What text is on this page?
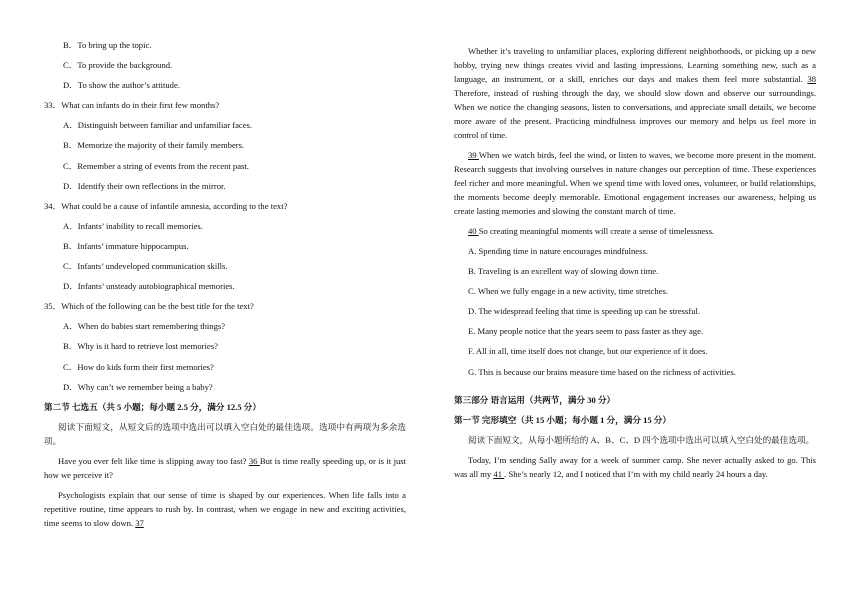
B．To bring up the topic.
C．To provide the background.
D．To show the author’s attitude.
33．What can infants do in their first few months?
A．Distinguish between familiar and unfamiliar faces.
B．Memorize the majority of their family members.
C．Remember a string of events from the recent past.
D．Identify their own reflections in the mirror.
34．What could be a cause of infantile amnesia, according to the text?
A．Infants’ inability to recall memories.
B．Infants’ immature hippocampus.
C．Infants’ undeveloped communication skills.
D．Infants’ unsteady autobiographical memories.
35．Which of the following can be the best title for the text?
A．When do babies start remembering things?
B．Why is it hard to retrieve lost memories?
C．How do kids form their first memories?
D．Why can’t we remember being a baby?
第二节 七选五（共 5 小题；每小题 2.5 分，满分 12.5 分）
阅读下面短文，从短文后的选项中选出可以填入空白处的最佳选项。选项中有两项为多余选项。
Have you ever felt like time is slipping away too fast? 36 But is time really speeding up, or is it just how we perceive it?
Psychologists explain that our sense of time is shaped by our experiences. When life falls into a repetitive routine, time appears to rush by. In contrast, when we engage in new and exciting activities, time seems to slow down. 37
Whether it’s traveling to unfamiliar places, exploring different neighborhoods, or picking up a new hobby, trying new things creates vivid and lasting impressions. Learning something new, such as a language, an instrument, or a skill, enriches our days and makes them feel more substantial. 38 Therefore, instead of rushing through the day, we should slow down and observe our surroundings. When we notice the changing seasons, listen to conversations, and appreciate small details, we become more aware of the present. Practicing mindfulness improves our memory and helps us feel more in control of time.
39 When we watch birds, feel the wind, or listen to waves, we become more present in the moment. Research suggests that involving ourselves in nature changes our perception of time. These experiences feel richer and more meaningful. When we spend time with loved ones, volunteer, or build relationships, the moments become deeply memorable. Emotional engagement increases our awareness, helping us create lasting memories and slowing the constant march of time.
40 So creating meaningful moments will create a sense of timelessness.
A. Spending time in nature encourages mindfulness.
B. Traveling is an excellent way of slowing down time.
C. When we fully engage in a new activity, time stretches.
D. The widespread feeling that time is speeding up can be stressful.
E. Many people notice that the years seem to pass faster as they age.
F. All in all, time itself does not change, but our experience of it does.
G. This is because our brains measure time based on the richness of activities.
第三部分 语言运用（共两节，满分 30 分）
第一节 完形填空（共 15 小题；每小题 1 分，满分 15 分）
阅读下面短文，从每小题所给的 A、B、C、D 四个选项中选出可以填入空白处的最佳选项。
Today, I’m sending Sally away for a week of summer camp. She never actually asked to go. This was all my 41 . She’s nearly 12, and I noticed that I’m with my child nearly 24 hours a day.
